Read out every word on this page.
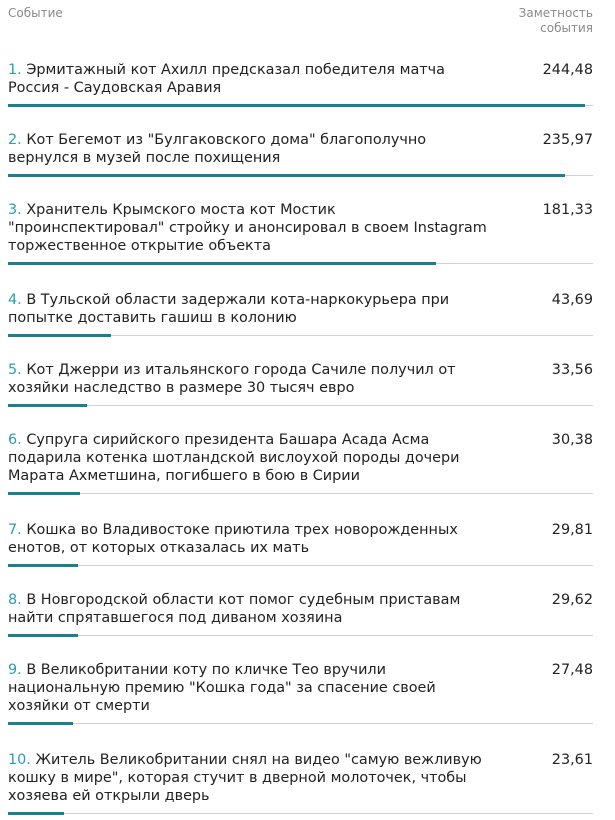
Событие	Заметность события
1. Эрмитажный кот Ахилл предсказал победителя матча Россия - Саудовская Аравия
244,48
2. Кот Бегемот из "Булгаковского дома" благополучно вернулся в музей после похищения
235,97
3. Хранитель Крымского моста кот Мостик "проинспектировал" стройку и анонсировал в своем Instagram торжественное открытие объекта
181,33
4. В Тульской области задержали кота-наркокурьера при попытке доставить гашиш в колонию
43,69
5. Кот Джерри из итальянского города Сачиле получил от хозяйки наследство в размере 30 тысяч евро
33,56
6. Супруга сирийского президента Башара Асада Асма подарила котенка шотландской вислоухой породы дочери Марата Ахметшина, погибшего в бою в Сирии
30,38
7. Кошка во Владивостоке приютила трех новорожденных енотов, от которых отказалась их мать
29,81
8. В Новгородской области кот помог судебным приставам найти спрятавшегося под диваном хозяина
29,62
9. В Великобритании коту по кличке Тео вручили национальную премию "Кошка года" за спасение своей хозяйки от смерти
27,48
10. Житель Великобритании снял на видео "самую вежливую кошку в мире", которая стучит в дверной молоточек, чтобы хозяева ей открыли дверь
23,61
